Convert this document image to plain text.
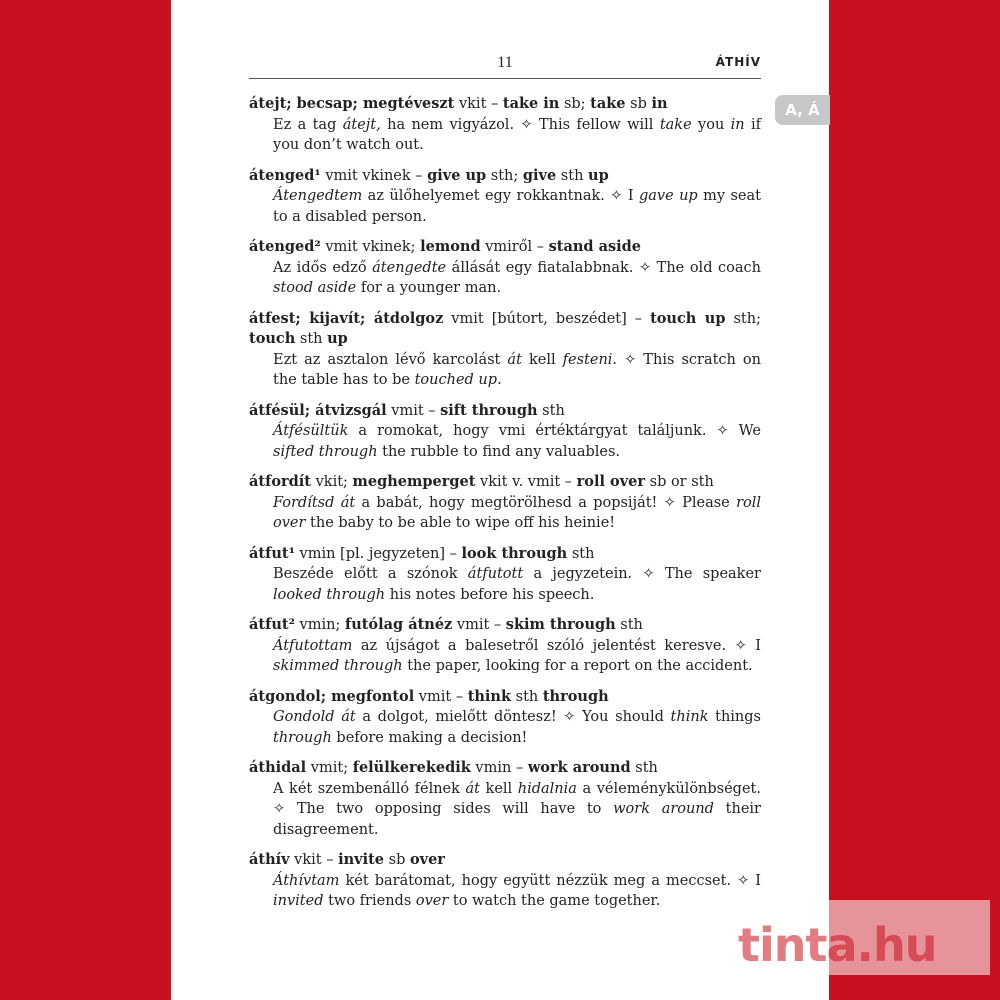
11	ÁTHÍV
A, Á
átejt; becsap; megtéveszt vkit – take in sb; take sb in
Ez a tag átejt, ha nem vigyázol. ✧ This fellow will take you in if you don’t watch out.
átenged¹ vmit vkinek – give up sth; give sth up
Átengedtem az ülőhelyemet egy rokkantnak. ✧ I gave up my seat to a disabled person.
átenged² vmit vkinek; lemond vmiről – stand aside
Az idős edző átengedte állását egy fiatalabbnak. ✧ The old coach stood aside for a younger man.
átfest; kijavít; átdolgoz vmit [bútort, beszédet] – touch up sth; touch sth up
Ezt az asztalon lévő karcolást át kell festeni. ✧ This scratch on the table has to be touched up.
átfésül; átvizsgál vmit – sift through sth
Átfésültük a romokat, hogy vmi értéktárgyat találjunk. ✧ We sifted through the rubble to find any valuables.
átfordít vkit; meghemperget vkit v. vmit – roll over sb or sth
Fordítsd át a babát, hogy megtörölhesd a popsiját! ✧ Please roll over the baby to be able to wipe off his heinie!
átfut¹ vmin [pl. jegyzeten] – look through sth
Beszéde előtt a szónok átfutott a jegyzetein. ✧ The speaker looked through his notes before his speech.
átfut² vmin; futólag átnéz vmit – skim through sth
Átfutottam az újságot a balesetről szóló jelentést keresve. ✧ I skimmed through the paper, looking for a report on the accident.
átgondol; megfontol vmit – think sth through
Gondold át a dolgot, mielőtt döntesz! ✧ You should think things through before making a decision!
áthidal vmit; felülkerekedik vmin – work around sth
A két szembenálló félnek át kell hidalnia a véleménykülönbséget. ✧ The two opposing sides will have to work around their disagreement.
áthív vkit – invite sb over
Áthívtam két barátomat, hogy együtt nézzük meg a meccset. ✧ I invited two friends over to watch the game together.
tinta.hu
